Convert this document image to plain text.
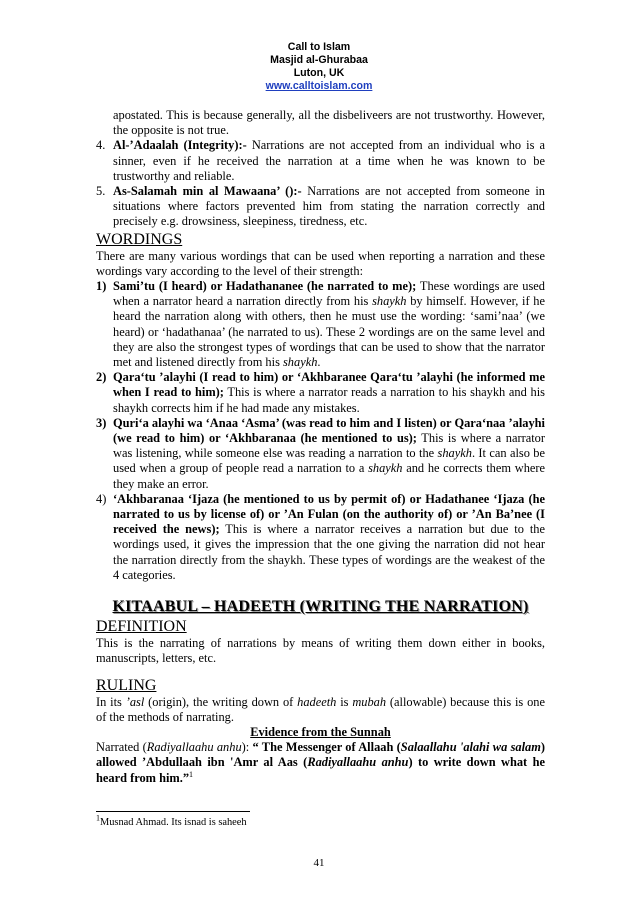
Call to Islam
Masjid al-Ghurabaa
Luton, UK
www.calltoislam.com
apostated. This is because generally, all the disbeliveers are not trustworthy. However, the opposite is not true.
4. Al-’Adaalah (Integrity):- Narrations are not accepted from an individual who is a sinner, even if he received the narration at a time when he was known to be trustworthy and reliable.
5. As-Salamah min al Mawaana’ ():- Narrations are not accepted from someone in situations where factors prevented him from stating the narration correctly and precisely e.g. drowsiness, sleepiness, tiredness, etc.
WORDINGS
There are many various wordings that can be used when reporting a narration and these wordings vary according to the level of their strength:
1) Sami’tu (I heard) or Hadathananee (he narrated to me); These wordings are used when a narrator heard a narration directly from his shaykh by himself. However, if he heard the narration along with others, then he must use the wording: ‘sami’naa’ (we heard) or ‘hadathanaa’ (he narrated to us). These 2 wordings are on the same level and they are also the strongest types of wordings that can be used to show that the narrator met and listened directly from his shaykh.
2) Qara‘tu ’alayhi (I read to him) or ‘Akhbaranee Qara‘tu ’alayhi (he informed me when I read to him); This is where a narrator reads a narration to his shaykh and his shaykh corrects him if he had made any mistakes.
3) Quri‘a alayhi wa ‘Anaa ‘Asma’ (was read to him and I listen) or Qara‘naa ’alayhi (we read to him) or ‘Akhbaranaa (he mentioned to us); This is where a narrator was listening, while someone else was reading a narration to the shaykh. It can also be used when a group of people read a narration to a shaykh and he corrects them where they make an error.
4) ‘Akhbaranaa ‘Ijaza (he mentioned to us by permit of) or Hadathanee ‘Ijaza (he narrated to us by license of) or ’An Fulan (on the authority of) or ’An Ba’nee (I received the news); This is where a narrator receives a narration but due to the wordings used, it gives the impression that the one giving the narration did not hear the narration directly from the shaykh. These types of wordings are the weakest of the 4 categories.
KITAABUL – HADEETH (WRITING THE NARRATION)
DEFINITION
This is the narrating of narrations by means of writing them down either in books, manuscripts, letters, etc.
RULING
In its ’asl (origin), the writing down of hadeeth is mubah (allowable) because this is one of the methods of narrating.
Evidence from the Sunnah
Narrated (Radiyallaahu anhu): “ The Messenger of Allaah (Salaallahu 'alahi wa salam) allowed ’Abdullaah ibn 'Amr al Aas (Radiyallaahu anhu) to write down what he heard from him.”$^1$
$^1$Musnad Ahmad. Its isnad is saheeh
41
